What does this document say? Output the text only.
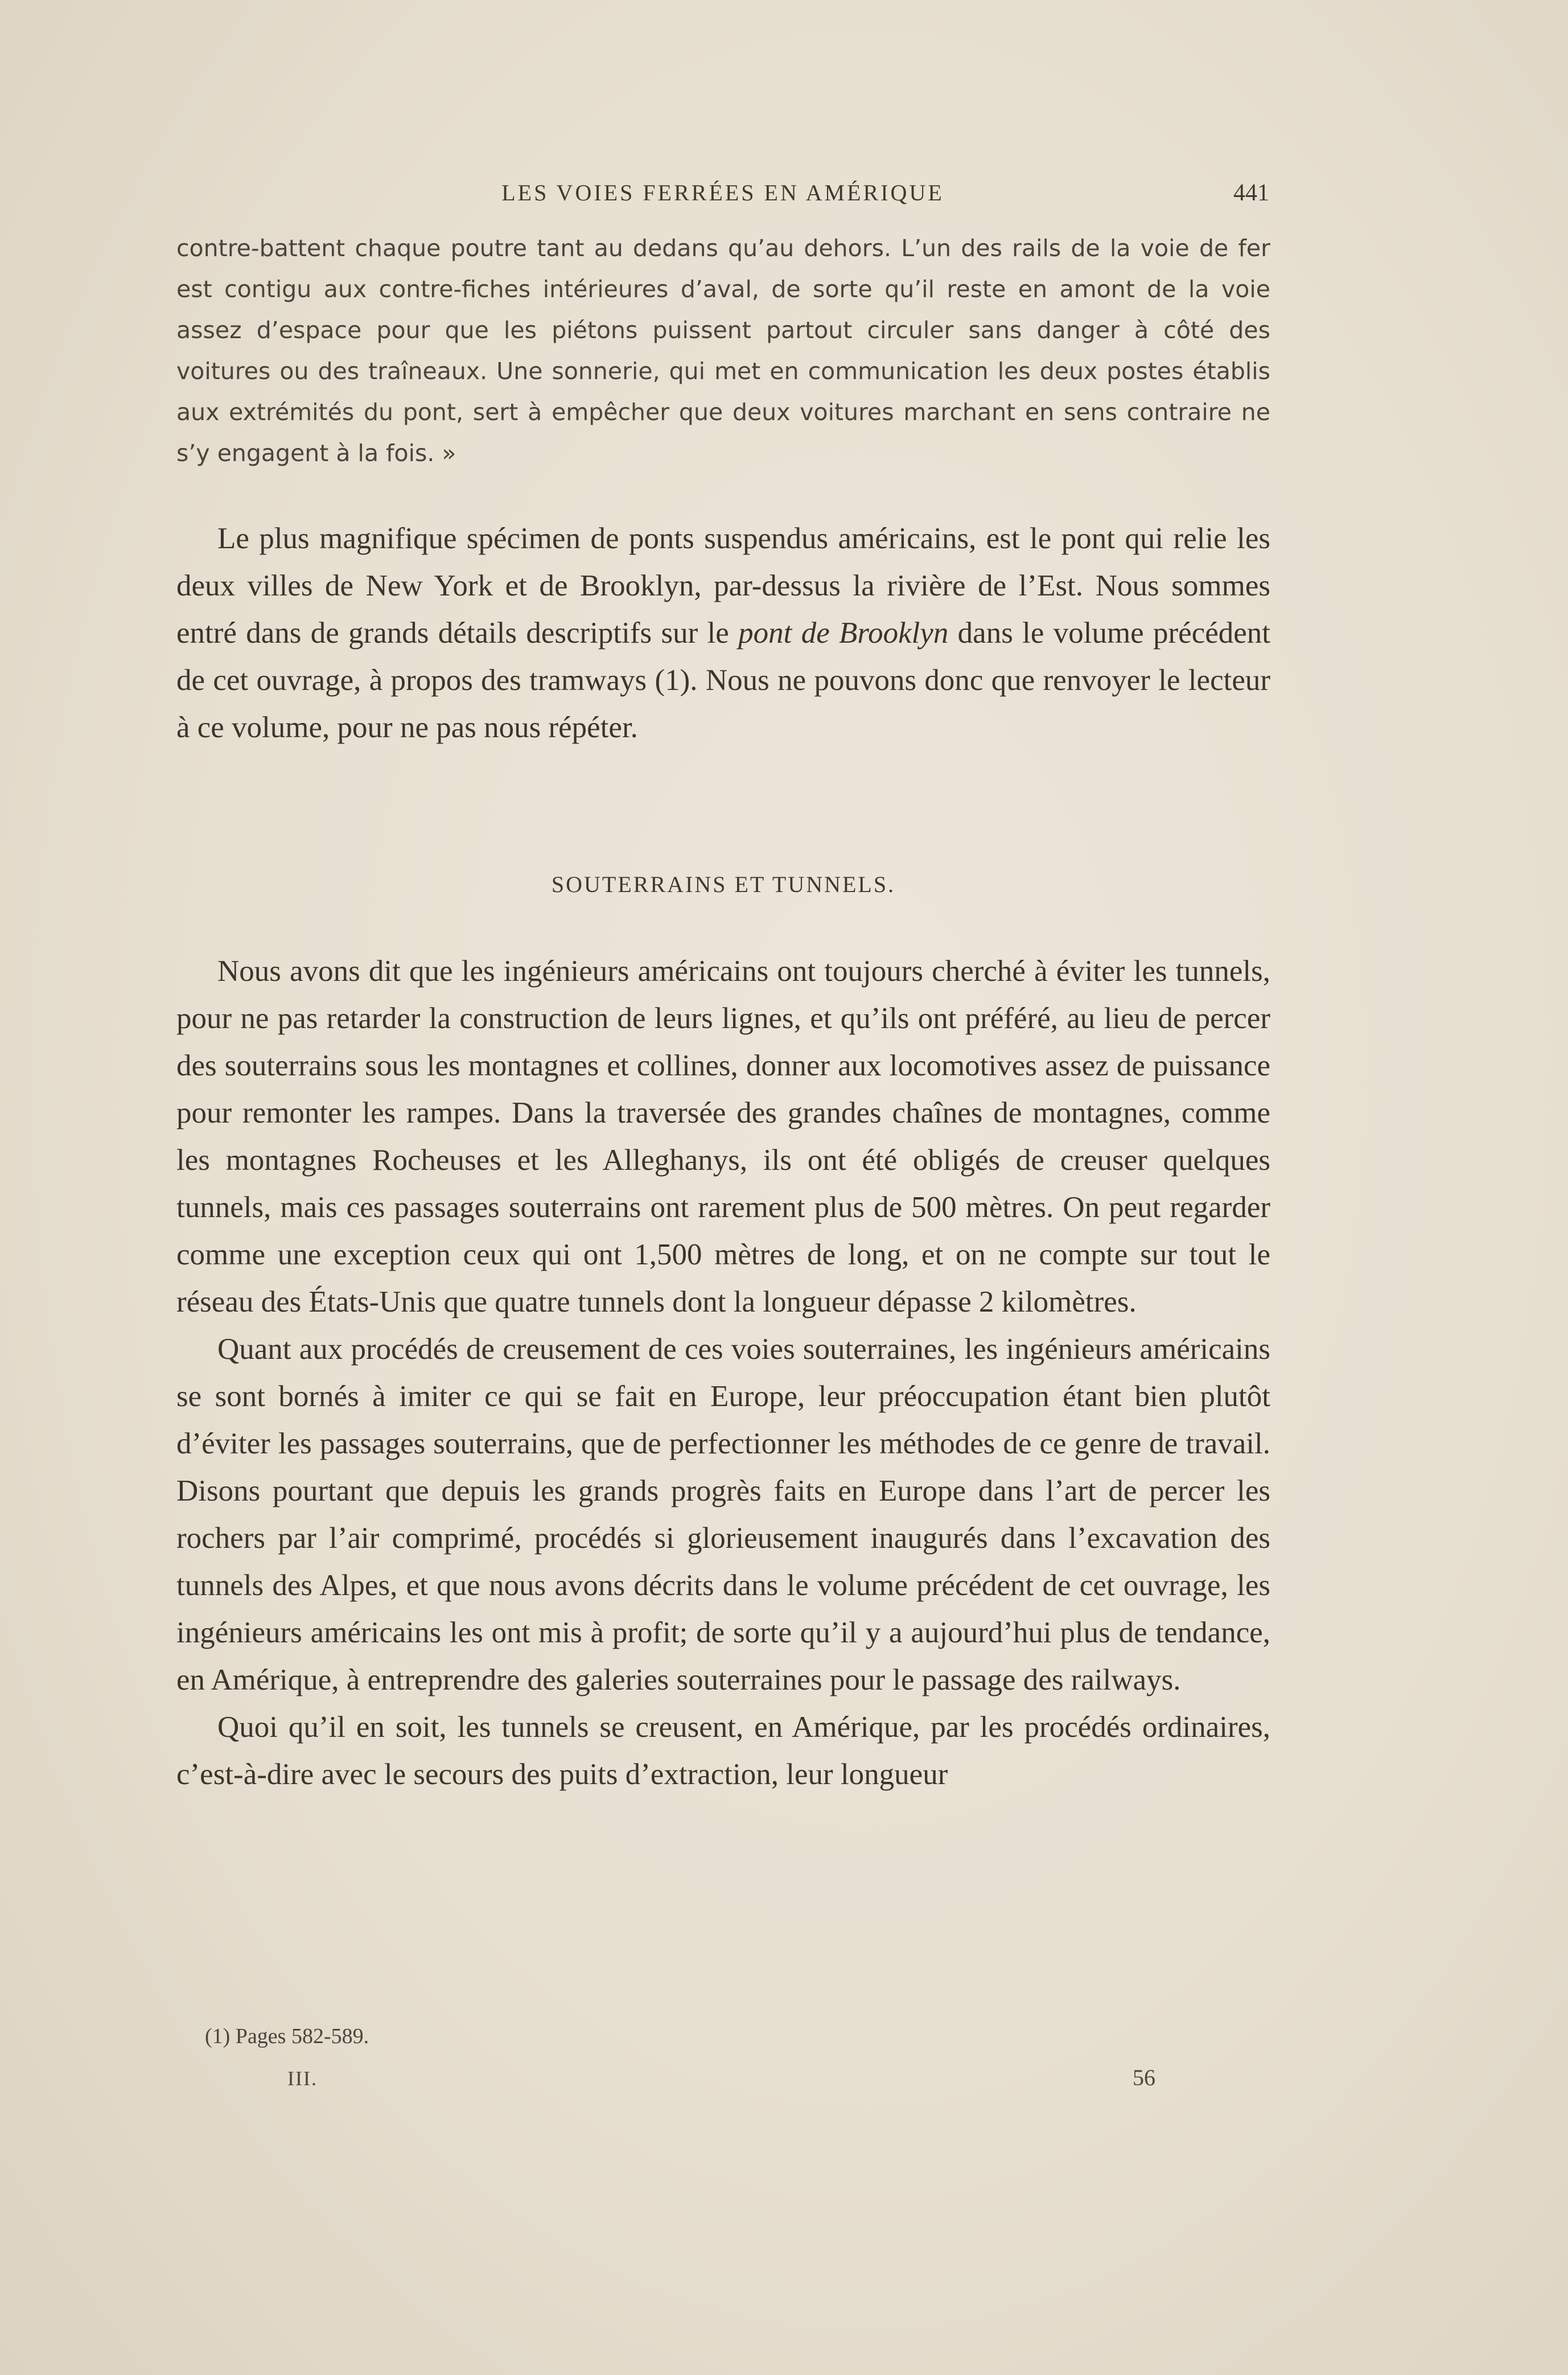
LES VOIES FERRÉES EN AMÉRIQUE	441

contre-battent chaque poutre tant au dedans qu’au dehors. L’un des rails de la voie de fer est contigu aux contre-fiches intérieures d’aval, de sorte qu’il reste en amont de la voie assez d’espace pour que les piétons puissent partout circuler sans danger à côté des voitures ou des traîneaux. Une sonnerie, qui met en communication les deux postes établis aux extrémités du pont, sert à empêcher que deux voitures marchant en sens contraire ne s’y engagent à la fois. »

Le plus magnifique spécimen de ponts suspendus américains, est le pont qui relie les deux villes de New York et de Brooklyn, par-dessus la rivière de l’Est. Nous sommes entré dans de grands détails descriptifs sur le pont de Brooklyn dans le volume précédent de cet ouvrage, à propos des tramways (1). Nous ne pouvons donc que renvoyer le lecteur à ce volume, pour ne pas nous répéter.

SOUTERRAINS ET TUNNELS.

Nous avons dit que les ingénieurs américains ont toujours cherché à éviter les tunnels, pour ne pas retarder la construction de leurs lignes, et qu’ils ont préféré, au lieu de percer des souterrains sous les montagnes et collines, donner aux locomotives assez de puissance pour remonter les rampes. Dans la traversée des grandes chaînes de montagnes, comme les montagnes Rocheuses et les Alleghanys, ils ont été obligés de creuser quelques tunnels, mais ces passages souterrains ont rarement plus de 500 mètres. On peut regarder comme une exception ceux qui ont 1,500 mètres de long, et on ne compte sur tout le réseau des États-Unis que quatre tunnels dont la longueur dépasse 2 kilomètres.

Quant aux procédés de creusement de ces voies souterraines, les ingénieurs américains se sont bornés à imiter ce qui se fait en Europe, leur préoccupation étant bien plutôt d’éviter les passages souterrains, que de perfectionner les méthodes de ce genre de travail. Disons pourtant que depuis les grands progrès faits en Europe dans l’art de percer les rochers par l’air comprimé, procédés si glorieusement inaugurés dans l’excavation des tunnels des Alpes, et que nous avons décrits dans le volume précédent de cet ouvrage, les ingénieurs américains les ont mis à profit; de sorte qu’il y a aujourd’hui plus de tendance, en Amérique, à entreprendre des galeries souterraines pour le passage des railways.

Quoi qu’il en soit, les tunnels se creusent, en Amérique, par les procédés ordinaires, c’est-à-dire avec le secours des puits d’extraction, leur longueur

(1) Pages 582-589.
III.	56
